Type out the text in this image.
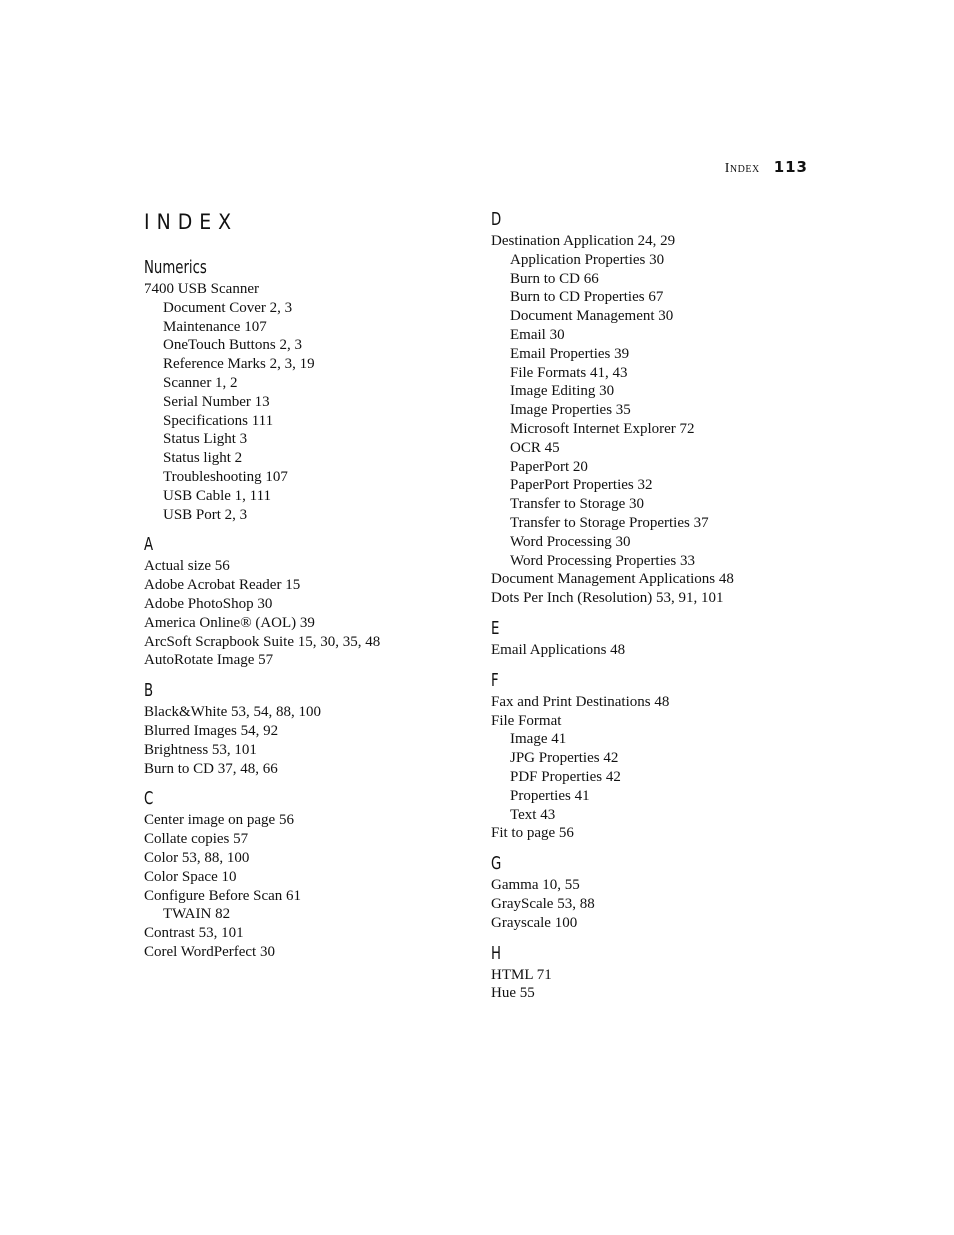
Index 113
INDEX
Numerics
7400 USB Scanner
Document Cover 2, 3
Maintenance 107
OneTouch Buttons 2, 3
Reference Marks 2, 3, 19
Scanner 1, 2
Serial Number 13
Specifications 111
Status Light 3
Status light 2
Troubleshooting 107
USB Cable 1, 111
USB Port 2, 3
A
Actual size 56
Adobe Acrobat Reader 15
Adobe PhotoShop 30
America Online® (AOL) 39
ArcSoft Scrapbook Suite 15, 30, 35, 48
AutoRotate Image 57
B
Black&White 53, 54, 88, 100
Blurred Images 54, 92
Brightness 53, 101
Burn to CD 37, 48, 66
C
Center image on page 56
Collate copies 57
Color 53, 88, 100
Color Space 10
Configure Before Scan 61
TWAIN 82
Contrast 53, 101
Corel WordPerfect 30
D
Destination Application 24, 29
Application Properties 30
Burn to CD 66
Burn to CD Properties 67
Document Management 30
Email 30
Email Properties 39
File Formats 41, 43
Image Editing 30
Image Properties 35
Microsoft Internet Explorer 72
OCR 45
PaperPort 20
PaperPort Properties 32
Transfer to Storage 30
Transfer to Storage Properties 37
Word Processing 30
Word Processing Properties 33
Document Management Applications 48
Dots Per Inch (Resolution) 53, 91, 101
E
Email Applications 48
F
Fax and Print Destinations 48
File Format
Image 41
JPG Properties 42
PDF Properties 42
Properties 41
Text 43
Fit to page 56
G
Gamma 10, 55
GrayScale 53, 88
Grayscale 100
H
HTML 71
Hue 55
